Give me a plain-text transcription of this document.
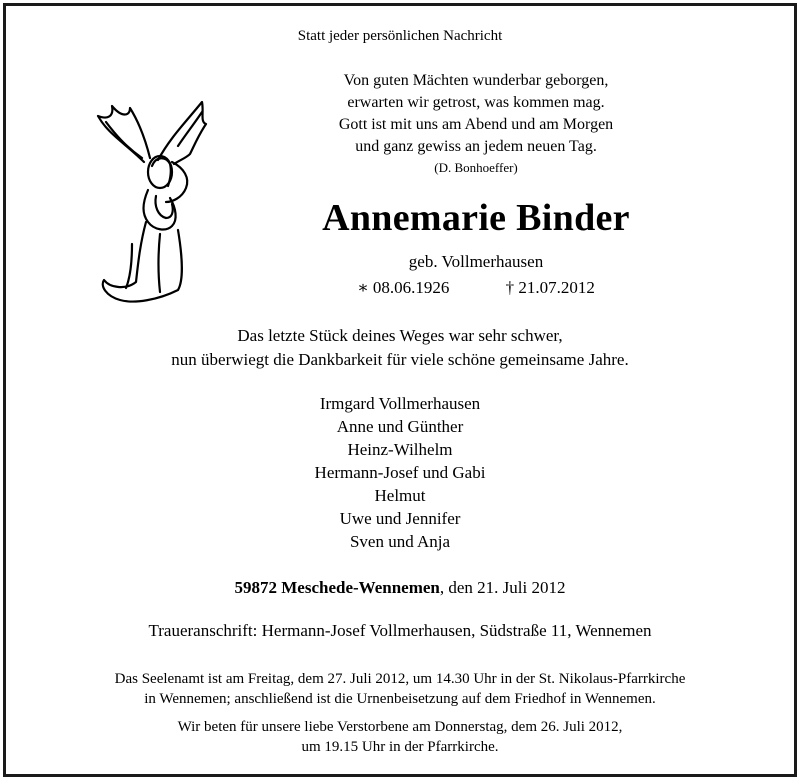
Statt jeder persönlichen Nachricht
Von guten Mächten wunderbar geborgen,
erwarten wir getrost, was kommen mag.
Gott ist mit uns am Abend und am Morgen
und ganz gewiss an jedem neuen Tag.
(D. Bonhoeffer)
Annemarie Binder
geb. Vollmerhausen
∗ 08.06.1926	† 21.07.2012
Das letzte Stück deines Weges war sehr schwer,
nun überwiegt die Dankbarkeit für viele schöne gemeinsame Jahre.
Irmgard Vollmerhausen
Anne und Günther
Heinz-Wilhelm
Hermann-Josef und Gabi
Helmut
Uwe und Jennifer
Sven und Anja
59872 Meschede-Wennemen, den 21. Juli 2012
Traueranschrift: Hermann-Josef Vollmerhausen, Südstraße 11, Wennemen
Das Seelenamt ist am Freitag, dem 27. Juli 2012, um 14.30 Uhr in der St. Nikolaus-Pfarrkirche
in Wennemen; anschließend ist die Urnenbeisetzung auf dem Friedhof in Wennemen.
Wir beten für unsere liebe Verstorbene am Donnerstag, dem 26. Juli 2012,
um 19.15 Uhr in der Pfarrkirche.
